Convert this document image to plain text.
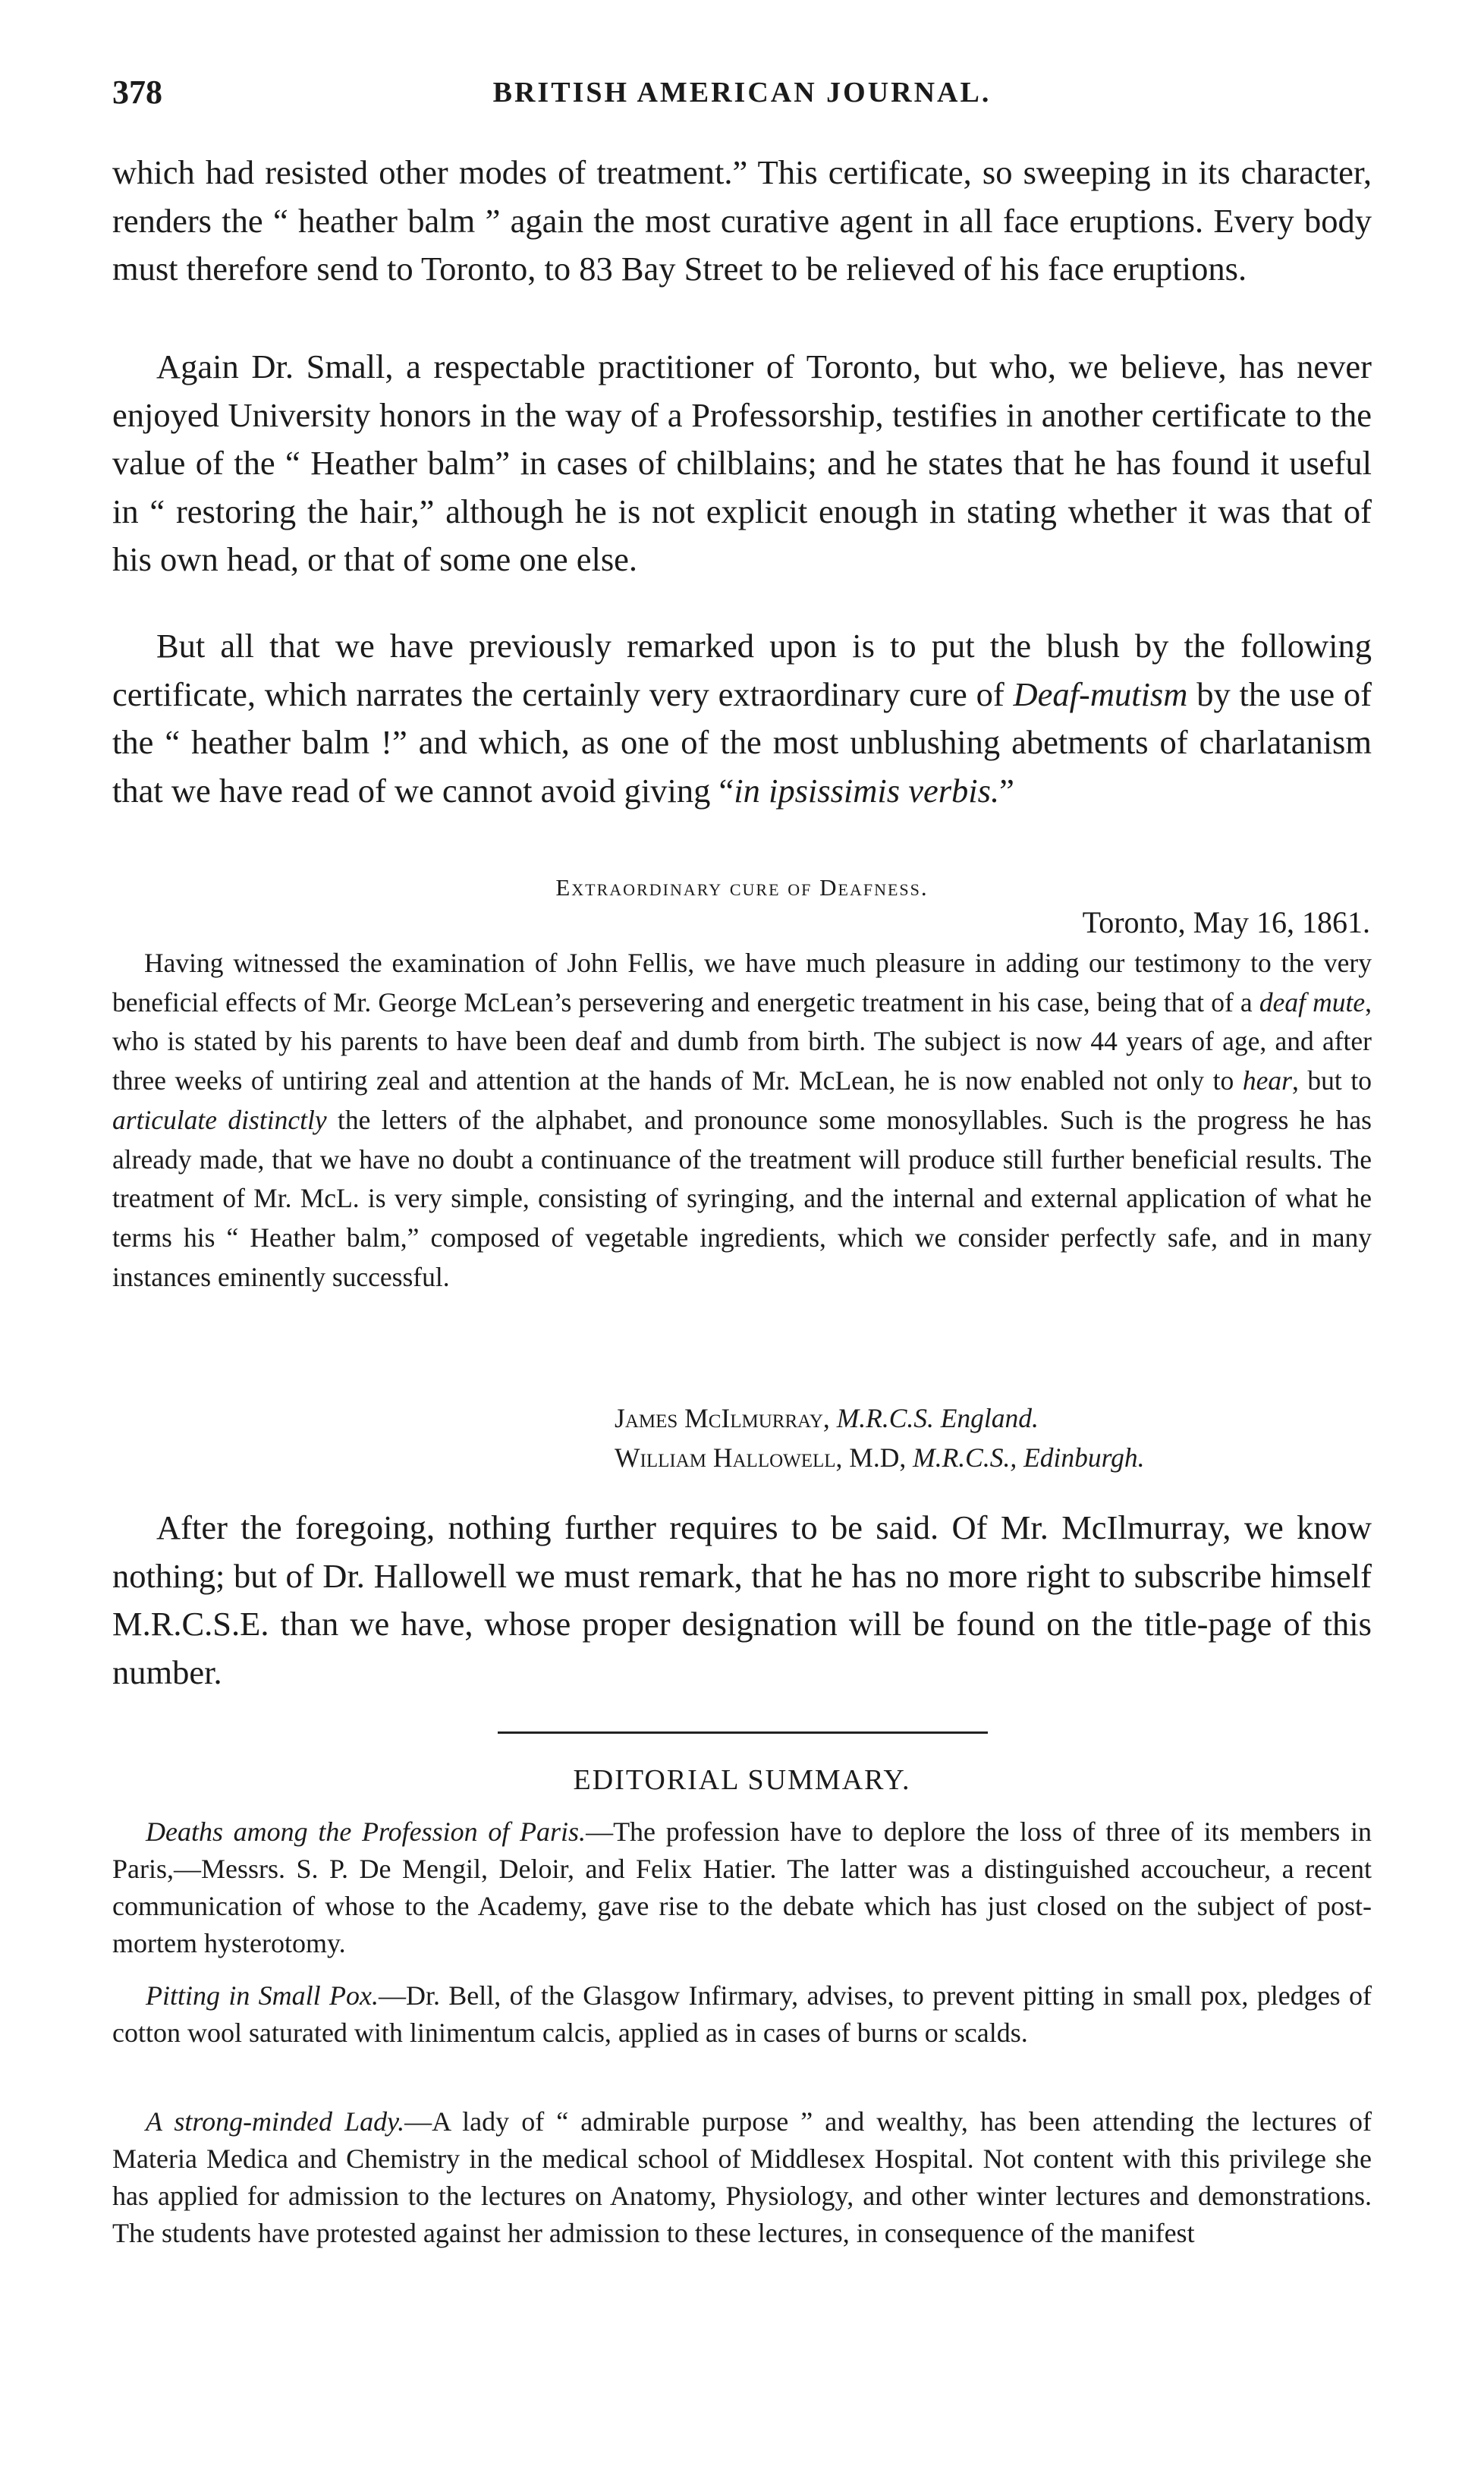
378	BRITISH AMERICAN JOURNAL.

which had resisted other modes of treatment.” This certificate, so sweeping in its character, renders the “ heather balm ” again the most curative agent in all face eruptions. Every body must therefore send to Toronto, to 83 Bay Street to be relieved of his face eruptions.

Again Dr. Small, a respectable practitioner of Toronto, but who, we believe, has never enjoyed University honors in the way of a Professorship, testifies in another certificate to the value of the “ Heather balm” in cases of chilblains; and he states that he has found it useful in “ restoring the hair,” although he is not explicit enough in stating whether it was that of his own head, or that of some one else.

But all that we have previously remarked upon is to put the blush by the following certificate, which narrates the certainly very extraordinary cure of Deaf-mutism by the use of the “ heather balm !” and which, as one of the most unblushing abetments of charlatanism that we have read of we cannot avoid giving “in ipsissimis verbis.”

Extraordinary cure of Deafness.
Toronto, May 16, 1861.

Having witnessed the examination of John Fellis, we have much pleasure in adding our testimony to the very beneficial effects of Mr. George McLean’s persevering and energetic treatment in his case, being that of a deaf mute, who is stated by his parents to have been deaf and dumb from birth. The subject is now 44 years of age, and after three weeks of untiring zeal and attention at the hands of Mr. McLean, he is now enabled not only to hear, but to articulate distinctly the letters of the alphabet, and pronounce some monosyllables. Such is the progress he has already made, that we have no doubt a continuance of the treatment will produce still further beneficial results. The treatment of Mr. McL. is very simple, consisting of syringing, and the internal and external application of what he terms his “ Heather balm,” composed of vegetable ingredients, which we consider perfectly safe, and in many instances eminently successful.

James McIlmurray, M.R.C.S. England.
William Hallowell, M.D, M.R.C.S., Edinburgh.

After the foregoing, nothing further requires to be said. Of Mr. McIlmurray, we know nothing; but of Dr. Hallowell we must remark, that he has no more right to subscribe himself M.R.C.S.E. than we have, whose proper designation will be found on the title-page of this number.

EDITORIAL SUMMARY.

Deaths among the Profession of Paris.—The profession have to deplore the loss of three of its members in Paris,—Messrs. S. P. De Mengil, Deloir, and Felix Hatier. The latter was a distinguished accoucheur, a recent communication of whose to the Academy, gave rise to the debate which has just closed on the subject of post-mortem hysterotomy.

Pitting in Small Pox.—Dr. Bell, of the Glasgow Infirmary, advises, to prevent pitting in small pox, pledges of cotton wool saturated with linimentum calcis, applied as in cases of burns or scalds.

A strong-minded Lady.—A lady of “ admirable purpose ” and wealthy, has been attending the lectures of Materia Medica and Chemistry in the medical school of Middlesex Hospital. Not content with this privilege she has applied for admission to the lectures on Anatomy, Physiology, and other winter lectures and demonstrations. The students have protested against her admission to these lectures, in consequence of the manifest
